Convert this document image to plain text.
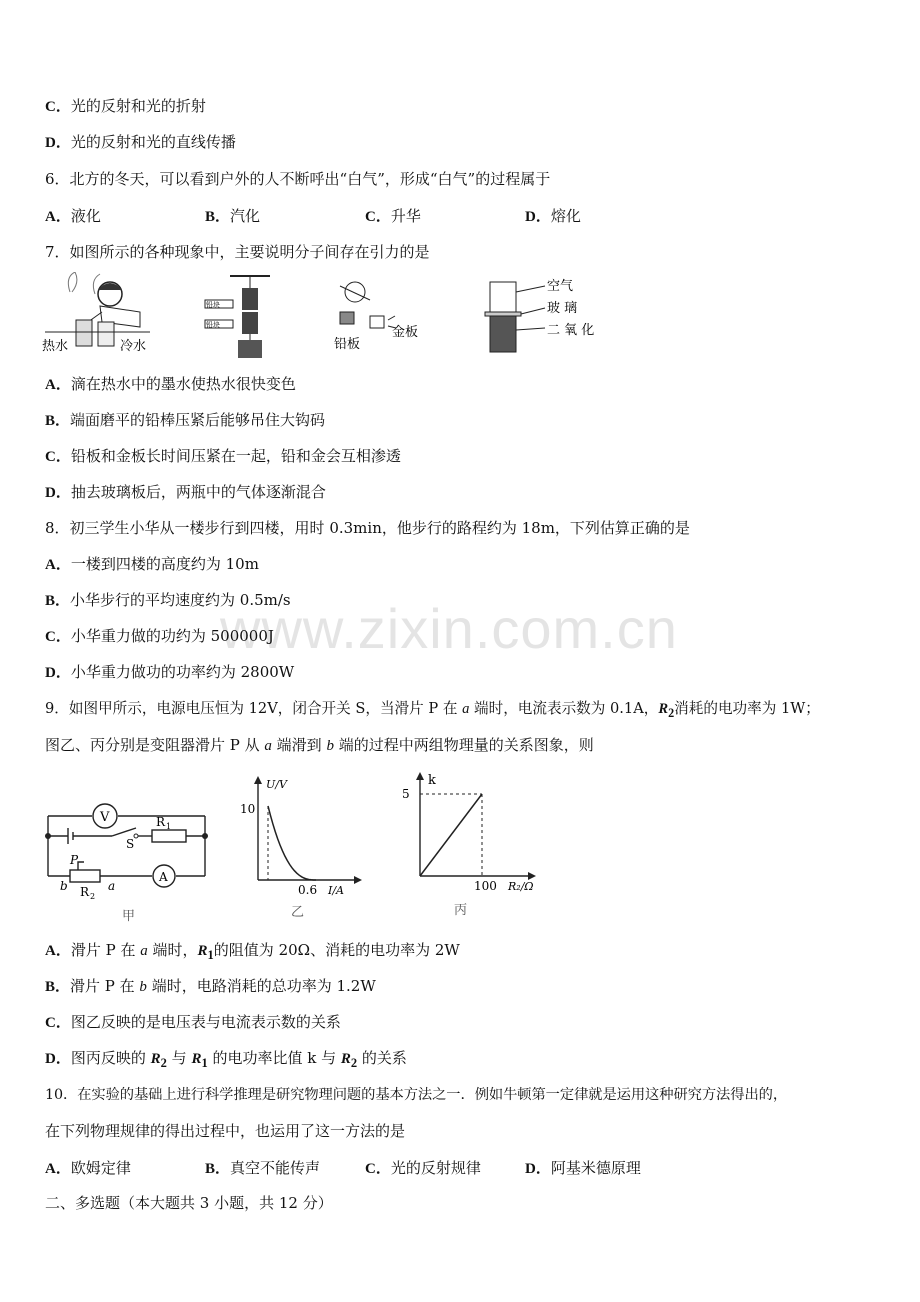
www.zixin.com.cn
C．光的反射和光的折射
D．光的反射和光的直线传播
6．北方的冬天，可以看到户外的人不断呼出“白气”，形成“白气”的过程属于
A．液化	B．汽化	C．升华	D．熔化
7．如图所示的各种现象中，主要说明分子间存在引力的是
热水	冷水
铅块
铅块
铅板
金板
空气
玻 璃
二 氧 化
A．滴在热水中的墨水使热水很快变色
B．端面磨平的铅棒压紧后能够吊住大钩码
C．铅板和金板长时间压紧在一起，铅和金会互相渗透
D．抽去玻璃板后，两瓶中的气体逐渐混合
8．初三学生小华从一楼步行到四楼，用时 0.3min，他步行的路程约为 18m，下列估算正确的是
A．一楼到四楼的高度约为 10m
B．小华步行的平均速度约为 0.5m/s
C．小华重力做的功约为 500000J
D．小华重力做功的功率约为 2800W
9．如图甲所示，电源电压恒为 12V，闭合开关 S，当滑片 P 在 a 端时，电流表示数为 0.1A，$R_2$消耗的电功率为 1W；
图乙、丙分别是变阻器滑片 P 从 a 端滑到 b 端的过程中两组物理量的关系图象，则
V
A
R 1
S
P
b	a
R 2
甲
U/V
10
0.6 I/A
乙
k
5
100 R₂/Ω
丙
A．滑片 P 在 a 端时，$R_1$的阻值为 20Ω、消耗的电功率为 2W
B．滑片 P 在 b 端时，电路消耗的总功率为 1.2W
C．图乙反映的是电压表与电流表示数的关系
D．图丙反映的 $R_2$ 与 $R_1$ 的电功率比值 k 与 $R_2$ 的关系
10．在实验的基础上进行科学推理是研究物理问题的基本方法之一．例如牛顿第一定律就是运用这种研究方法得出的，
在下列物理规律的得出过程中，也运用了这一方法的是
A．欧姆定律	B．真空不能传声	C．光的反射规律	D．阿基米德原理
二、多选题（本大题共 3 小题，共 12 分）
